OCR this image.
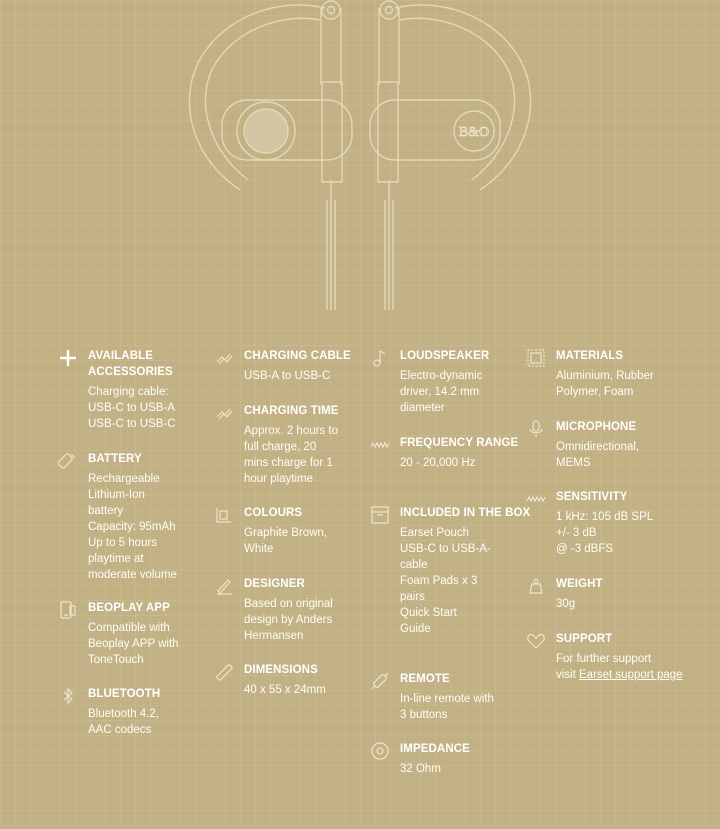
B&O
AVAILABLE ACCESSORIES
Charging cable:
USB-C to USB-A
USB-C to USB-C
BATTERY
Rechargeable
Lithium-Ion
battery
Capacity: 95mAh
Up to 5 hours
playtime at
moderate volume
BEOPLAY APP
Compatible with
Beoplay APP with
ToneTouch
BLUETOOTH
Bluetooth 4.2,
AAC codecs
CHARGING CABLE
USB-A to USB-C
CHARGING TIME
Approx. 2 hours to
full charge, 20
mins charge for 1
hour playtime
COLOURS
Graphite Brown,
White
DESIGNER
Based on original
design by Anders
Hermansen
DIMENSIONS
40 x 55 x 24mm
LOUDSPEAKER
Electro-dynamic
driver, 14.2 mm
diameter
FREQUENCY RANGE
20 - 20,000 Hz
INCLUDED IN THE BOX
Earset Pouch
USB-C to USB-A-
cable
Foam Pads x 3
pairs
Quick Start
Guide
REMOTE
In-line remote with
3 buttons
IMPEDANCE
32 Ohm
MATERIALS
Aluminium, Rubber
Polymer, Foam
MICROPHONE
Omnidirectional,
MEMS
SENSITIVITY
1 kHz: 105 dB SPL
+/- 3 dB
@ -3 dBFS
WEIGHT
30g
SUPPORT
For further support
visit Earset support page
